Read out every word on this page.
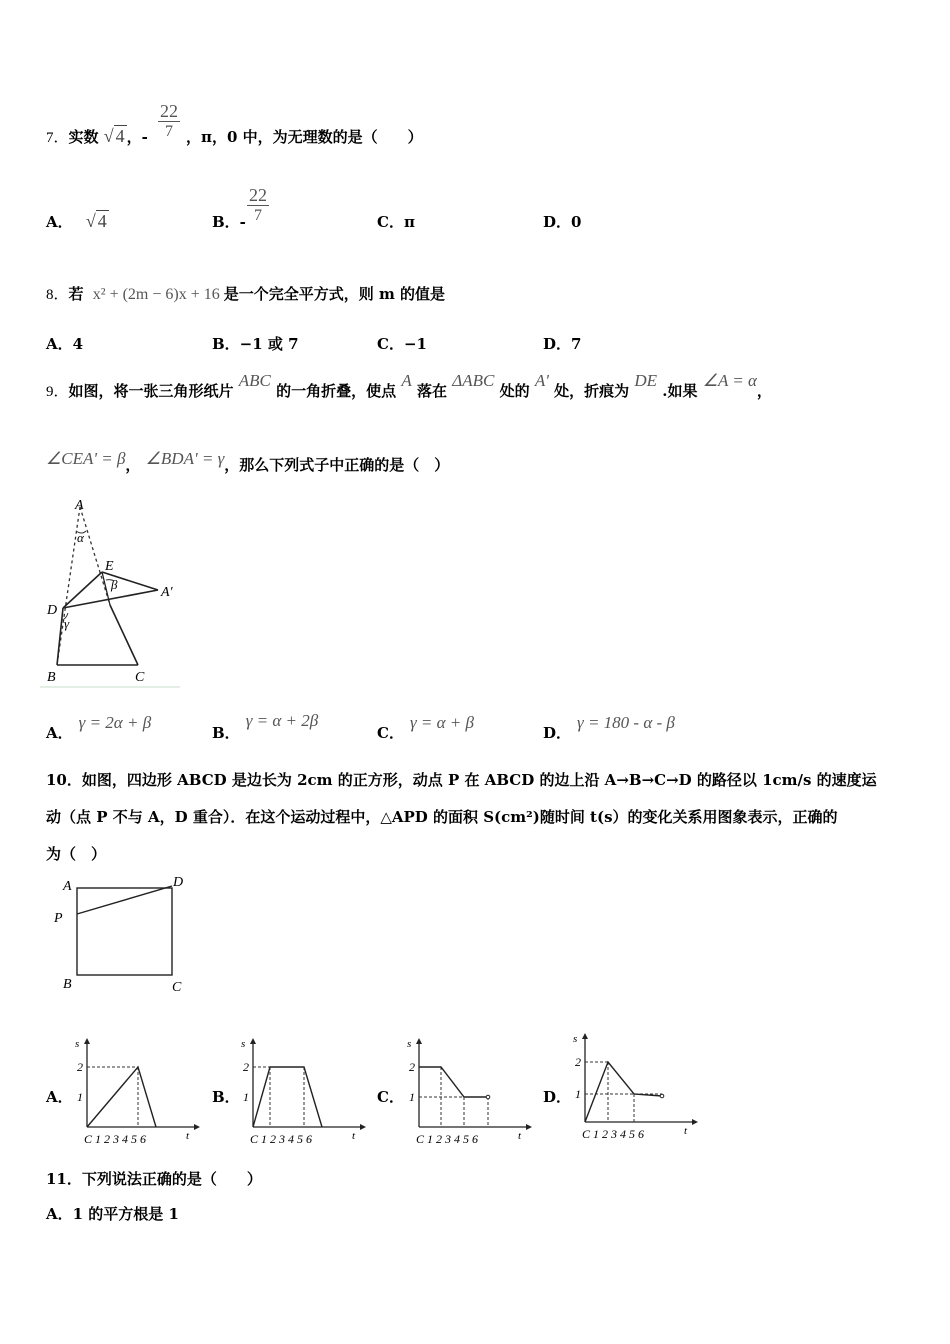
7．实数 √ 4 ，- $\frac{22}{7}$ ，π，0 中，为无理数的是（　　）
A． √ 4	B．- $\frac{22}{7}$	C．π	D．0
8．若 x² + (2m − 6)x + 16 是一个完全平方式，则 m 的值是
A．4	B．−1 或 7	C．−1	D．7
9．如图，将一张三角形纸片 ABC 的一角折叠，使点 A 落在 ΔABC 处的 A' 处，折痕为 DE .如果 ∠A = α，
∠CEA' = β， ∠BDA' = γ，那么下列式子中正确的是（　）
A
α
E
β
A′
D
γ
B	C
A．γ = 2α + β
B．γ = α + 2β
C．γ = α + β
D．γ = 180 - α - β
10．如图，四边形 ABCD 是边长为 2cm 的正方形，动点 P 在 ABCD 的边上沿 A→B→C→D 的路径以 1cm/s 的速度运
动（点 P 不与 A，D 重合）．在这个运动过程中，△APD 的面积 S(cm²)随时间 t(s）的变化关系用图象表示，正确的
为（　）
A	D
P
B	C
A．	B．	C．	D．
s
2
1
C 1 2 3 4 5 6	t
s
2
1
C 1 2 3 4 5 6	t
s
2
1
C 1 2 3 4 5 6	t
s
2
1
C 1 2 3 4 5 6	t
11．下列说法正确的是（　　）
A．1 的平方根是 1
